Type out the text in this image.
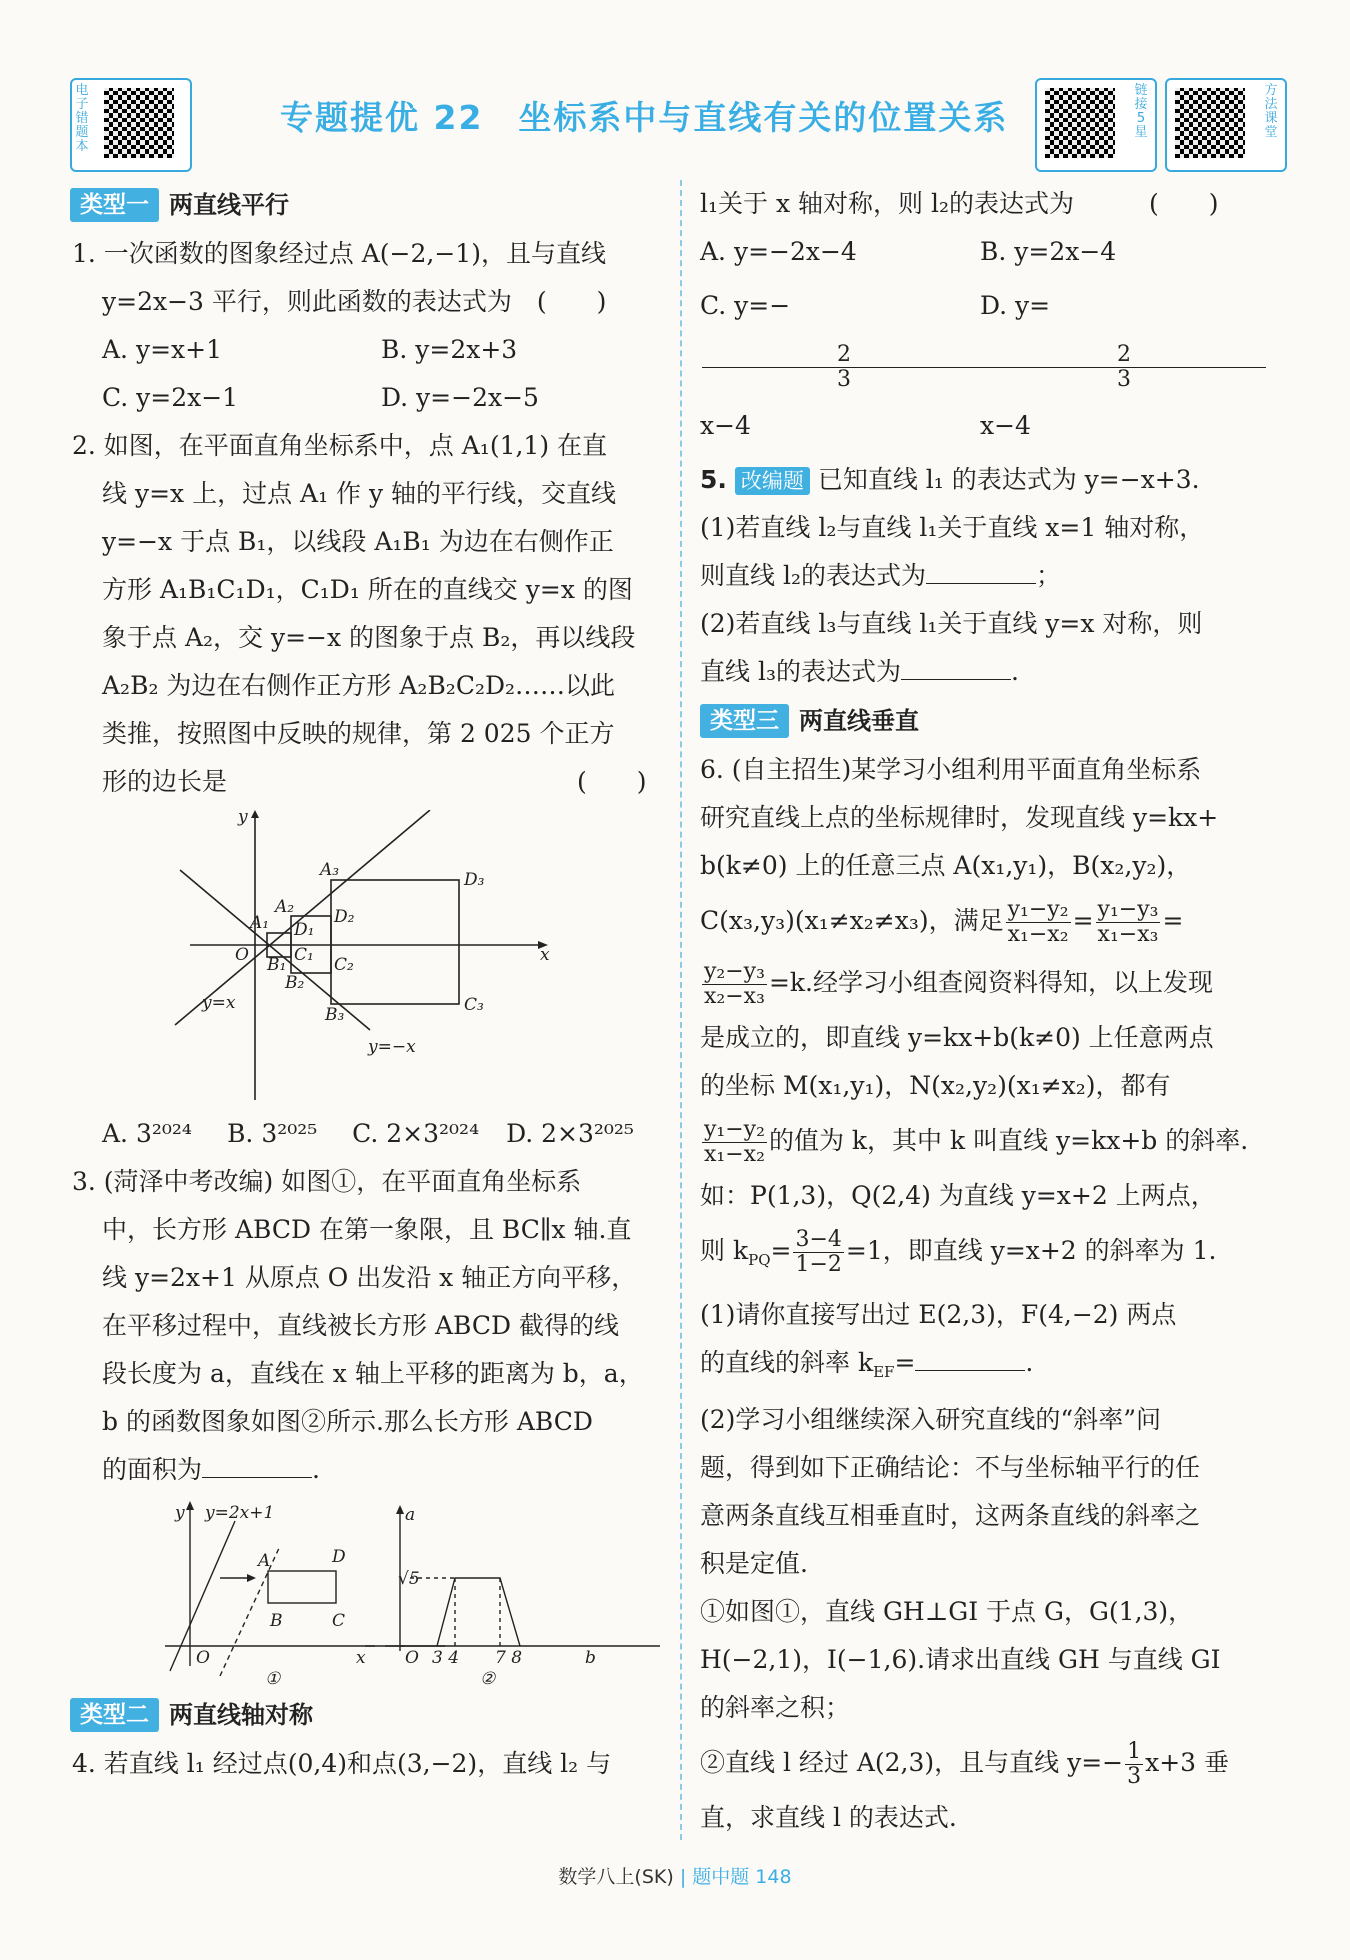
电子错题本
专题提优 22　坐标系中与直线有关的位置关系
链接5星
方法课堂
类型一 两直线平行
1. 一次函数的图象经过点 A(−2,−1)，且与直线
y=2x−3 平行，则此函数的表达式为　(　　)
A. y=x+1	B. y=2x+3
C. y=2x−1	D. y=−2x−5
2. 如图，在平面直角坐标系中，点 A₁(1,1) 在直
线 y=x 上，过点 A₁ 作 y 轴的平行线，交直线
y=−x 于点 B₁，以线段 A₁B₁ 为边在右侧作正
方形 A₁B₁C₁D₁，C₁D₁ 所在的直线交 y=x 的图
象于点 A₂，交 y=−x 的图象于点 B₂，再以线段
A₂B₂ 为边在右侧作正方形 A₂B₂C₂D₂……以此
类推，按照图中反映的规律，第 2 025 个正方
形的边长是　　　　　　　　　　　　　　(　　)
y
x
O
A₁
A₂
A₃
B₁
B₂
B₃
C₁ C₂
C₃
D₁
D₂
D₃
y=x
y=−x
A. 3²⁰²⁴	B. 3²⁰²⁵	C. 2×3²⁰²⁴	D. 2×3²⁰²⁵
3. (菏泽中考改编) 如图①，在平面直角坐标系
中，长方形 ABCD 在第一象限，且 BC∥x 轴.直
线 y=2x+1 从原点 O 出发沿 x 轴正方向平移，
在平移过程中，直线被长方形 ABCD 截得的线
段长度为 a，直线在 x 轴上平移的距离为 b，a，
b 的函数图象如图②所示.那么长方形 ABCD
的面积为	.
y y=2x+1
A
B	C
D
O	x
①
a
√5
O 3 4 7 8	b
②
类型二 两直线轴对称
4. 若直线 l₁ 经过点(0,4)和点(3,−2)，直线 l₂ 与
l₁关于 x 轴对称，则 l₂的表达式为　　　(　　)
A. y=−2x−4	B. y=2x−4
C. y=−
$\frac{2}{3}$
x−4
D. y=
$\frac{2}{3}$
x−4
5. 改编题 已知直线 l₁ 的表达式为 y=−x+3.
(1)若直线 l₂与直线 l₁关于直线 x=1 轴对称，
则直线 l₂的表达式为	；
(2)若直线 l₃与直线 l₁关于直线 y=x 对称，则
直线 l₃的表达式为	.
类型三 两直线垂直
6. (自主招生)某学习小组利用平面直角坐标系
研究直线上点的坐标规律时，发现直线 y=kx+
b(k≠0) 上的任意三点 A(x₁,y₁)，B(x₂,y₂)，
C(x₃,y₃)(x₁≠x₂≠x₃)，满足 $\frac{\text{y₁−y₂}}{\text{x₁−x₂}} = \frac{\text{y₁−y₃}}{\text{x₁−x₃}}$ =
$\frac{\text{y₂−y₃}}{\text{x₂−x₃}} =k$.经学习小组查阅资料得知，以上发现
是成立的，即直线 y=kx+b(k≠0) 上任意两点
的坐标 M(x₁,y₁)，N(x₂,y₂)(x₁≠x₂)，都有
$\frac{\text{y₁−y₂}}{\text{x₁−x₂}}$ 的值为 k，其中 k 叫直线 y=kx+b 的斜率.
如：P(1,3)，Q(2,4) 为直线 y=x+2 上两点，
则 $k_{PQ}= \frac{3-4}{1-2} =1$，即直线 y=x+2 的斜率为 1.
(1)请你直接写出过 E(2,3)，F(4,−2) 两点
的直线的斜率 $k_{EF}=$	.
(2)学习小组继续深入研究直线的“斜率”问
题，得到如下正确结论：不与坐标轴平行的任
意两条直线互相垂直时，这两条直线的斜率之
积是定值.
①如图①，直线 GH⊥GI 于点 G，G(1,3)，
H(−2,1)，I(−1,6).请求出直线 GH 与直线 GI
的斜率之积；
②直线 l 经过 A(2,3)，且与直线 $y=- \frac{1}{3} x+3$ 垂
直，求直线 l 的表达式.
数学八上(SK) | 题中题 148
